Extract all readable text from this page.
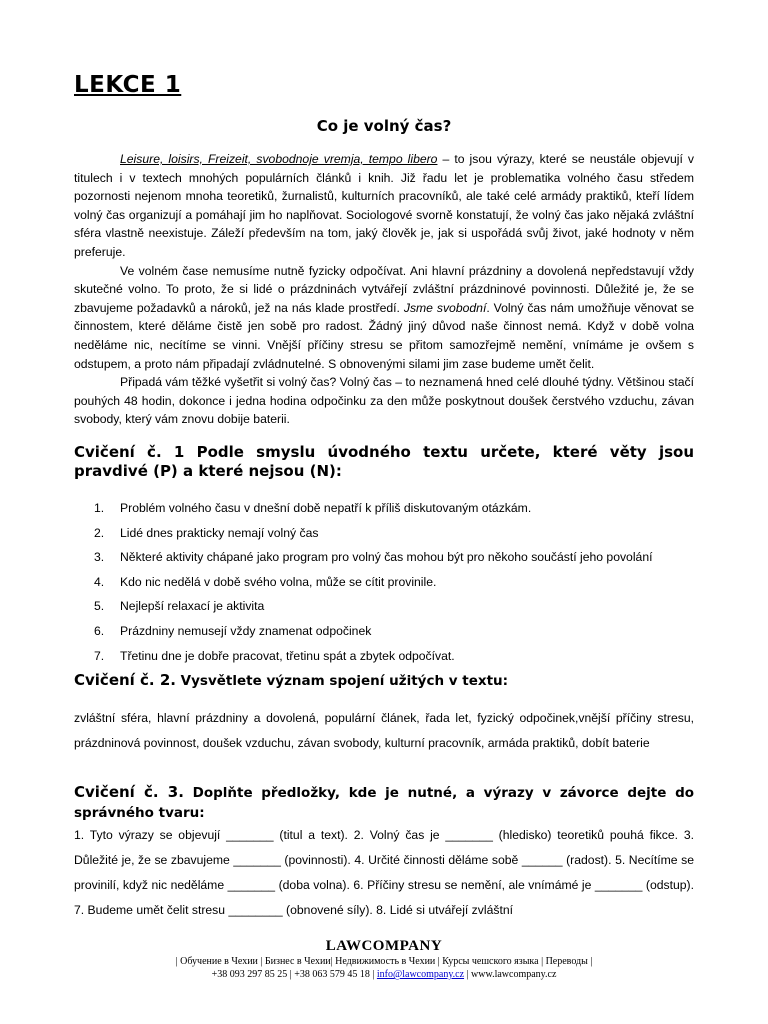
LEKCE 1
Co je volný čas?

Leisure, loisirs, Freizeit, svobodnoje vremja, tempo libero – to jsou výrazy, které se neustále objevují v titulech i v textech mnohých populárních článků i knih. Již řadu let je problematika volného času středem pozornosti nejenom mnoha teoretiků, žurnalistů, kulturních pracovníků, ale také celé armády praktiků, kteří lídem volný čas organizují a pomáhají jim ho naplňovat. Sociologové svorně konstatují, že volný čas jako nějaká zvláštní sféra vlastně neexistuje. Záleží především na tom, jaký člověk je, jak si uspořádá svůj život, jaké hodnoty v něm preferuje.

Ve volném čase nemusíme nutně fyzicky odpočívat. Ani hlavní prázdniny a dovolená nepředstavují vždy skutečné volno. To proto, že si lidé o prázdninách vytvářejí zvláštní prázdninové povinnosti. Důležité je, že se zbavujeme požadavků a nároků, jež na nás klade prostředí. Jsme svobodní. Volný čas nám umožňuje věnovat se činnostem, které děláme čistě jen sobě pro radost. Žádný jiný důvod naše činnost nemá. Když v době volna neděláme nic, necítíme se vinni. Vnější příčiny stresu se přitom samozřejmě nemění, vnímáme je ovšem s odstupem, a proto nám připadají zvládnutelné. S obnovenými silami jim zase budeme umět čelit.

Připadá vám těžké vyšetřit si volný čas? Volný čas – to neznamená hned celé dlouhé týdny. Většinou stačí pouhých 48 hodin, dokonce i jedna hodina odpočinku za den může poskytnout doušek čerstvého vzduchu, závan svobody, který vám znovu dobije baterii.

Cvičení č. 1 Podle smyslu úvodného textu určete, které věty jsou pravdivé (P) a které nejsou (N):
1.	Problém volného času v dnešní době nepatří k příliš diskutovaným otázkám.
2.	Lidé dnes prakticky nemají volný čas
3.	Některé aktivity chápané jako program pro volný čas mohou být pro někoho součástí jeho povolání
4.	Kdo nic nedělá v době svého volna, může se cítit provinile.
5.	Nejlepší relaxací je aktivita
6.	Prázdniny nemusejí vždy znamenat odpočinek
7.	Třetinu dne je dobře pracovat, třetinu spát a zbytek odpočívat.
Cvičení č. 2. Vysvětlete význam spojení užitých v textu:

zvláštní sféra, hlavní prázdniny a dovolená, populární článek, řada let, fyzický odpočinek,vnější příčiny stresu, prázdninová povinnost, doušek vzduchu, závan svobody, kulturní pracovník, armáda praktiků, dobít baterie

Cvičení č. 3. Doplňte předložky, kde je nutné, a výrazy v závorce dejte do správného tvaru:

1. Tyto výrazy se objevují _______ (titul a text). 2. Volný čas je _______ (hledisko) teoretiků pouhá fikce. 3. Důležité je, že se zbavujeme _______ (povinnosti). 4. Určité činnosti děláme sobě ______ (radost). 5. Necítíme se provinilí, když nic neděláme _______ (doba volna). 6. Příčiny stresu se nemění, ale vnímámé je _______ (odstup). 7. Budeme umět čelit stresu ________ (obnovené síly). 8. Lidé si utvářejí zvláštní

LAWCOMPANY
| Обучение в Чехии | Бизнес в Чехии| Недвижимость в Чехии | Курсы чешского языка | Переводы |
+38 093 297 85 25 | +38 063 579 45 18 | info@lawcompany.cz | www.lawcompany.cz
